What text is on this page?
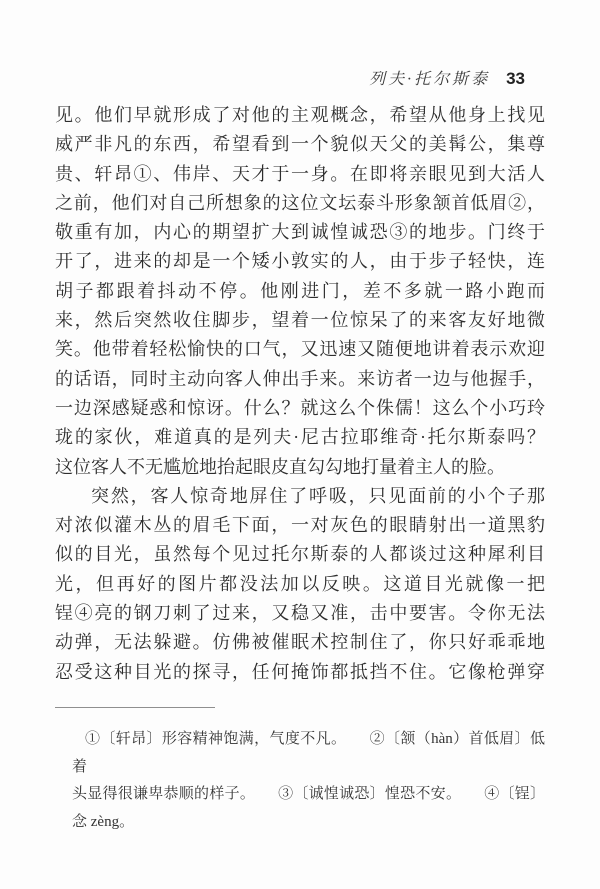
列夫·托尔斯泰 33
见。他们早就形成了对他的主观概念，希望从他身上找见
威严非凡的东西，希望看到一个貌似天父的美髯公，集尊
贵、轩昂①、伟岸、天才于一身。在即将亲眼见到大活人
之前，他们对自己所想象的这位文坛泰斗形象颔首低眉②，
敬重有加，内心的期望扩大到诚惶诚恐③的地步。门终于
开了，进来的却是一个矮小敦实的人，由于步子轻快，连
胡子都跟着抖动不停。他刚进门，差不多就一路小跑而
来，然后突然收住脚步，望着一位惊呆了的来客友好地微
笑。他带着轻松愉快的口气，又迅速又随便地讲着表示欢迎
的话语，同时主动向客人伸出手来。来访者一边与他握手，
一边深感疑惑和惊讶。什么？就这么个侏儒！这么个小巧玲
珑的家伙，难道真的是列夫·尼古拉耶维奇·托尔斯泰吗？
这位客人不无尴尬地抬起眼皮直勾勾地打量着主人的脸。
突然，客人惊奇地屏住了呼吸，只见面前的小个子那
对浓似灌木丛的眉毛下面，一对灰色的眼睛射出一道黑豹
似的目光，虽然每个见过托尔斯泰的人都谈过这种犀利目
光，但再好的图片都没法加以反映。这道目光就像一把
锃④亮的钢刀刺了过来，又稳又准，击中要害。令你无法
动弹，无法躲避。仿佛被催眠术控制住了，你只好乖乖地
忍受这种目光的探寻，任何掩饰都抵挡不住。它像枪弹穿
①〔轩昂〕形容精神饱满，气度不凡。　　②〔颔（hàn）首低眉〕低着
头显得很谦卑恭顺的样子。　　③〔诚惶诚恐〕惶恐不安。　　④〔锃〕
念 zèng。
